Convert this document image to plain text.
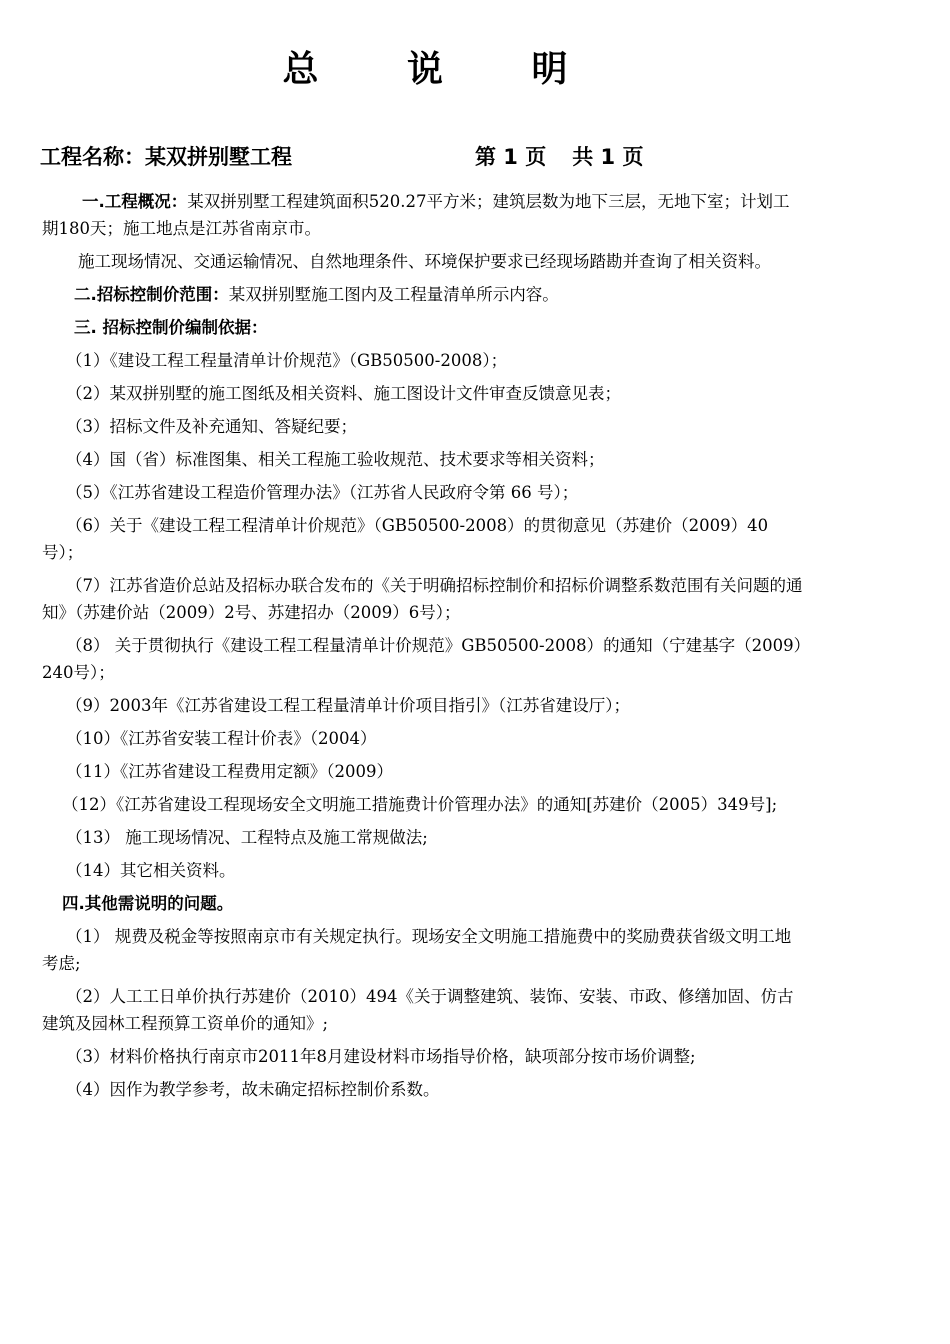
总 说 明
工程名称：某双拼别墅工程	第 1 页 共 1 页

一.工程概况：某双拼别墅工程建筑面积520.27平方米；建筑层数为地下三层，无地下室；计划工期180天；施工地点是江苏省南京市。

施工现场情况、交通运输情况、自然地理条件、环境保护要求已经现场踏勘并查询了相关资料。

二.招标控制价范围：某双拼别墅施工图内及工程量清单所示内容。

三. 招标控制价编制依据：

（1）《建设工程工程量清单计价规范》（GB50500-2008）；

（2）某双拼别墅的施工图纸及相关资料、施工图设计文件审查反馈意见表；

（3）招标文件及补充通知、答疑纪要；

（4）国（省）标准图集、相关工程施工验收规范、技术要求等相关资料；

（5）《江苏省建设工程造价管理办法》（江苏省人民政府令第 66 号）；

（6）关于《建设工程工程清单计价规范》（GB50500-2008）的贯彻意见（苏建价（2009）40号）；

（7）江苏省造价总站及招标办联合发布的《关于明确招标控制价和招标价调整系数范围有关问题的通知》（苏建价站（2009）2号、苏建招办（2009）6号）；

（8） 关于贯彻执行《建设工程工程量清单计价规范》GB50500-2008）的通知（宁建基字（2009）240号）；

（9）2003年《江苏省建设工程工程量清单计价项目指引》（江苏省建设厅）；

（10）《江苏省安装工程计价表》（2004）

（11）《江苏省建设工程费用定额》（2009）

（12）《江苏省建设工程现场安全文明施工措施费计价管理办法》的通知[苏建价（2005）349号];

（13） 施工现场情况、工程特点及施工常规做法;

（14）其它相关资料。

四.其他需说明的问题。

（1） 规费及税金等按照南京市有关规定执行。现场安全文明施工措施费中的奖励费获省级文明工地考虑;

（2）人工工日单价执行苏建价（2010）494《关于调整建筑、装饰、安装、市政、修缮加固、仿古建筑及园林工程预算工资单价的通知》;

（3）材料价格执行南京市2011年8月建设材料市场指导价格，缺项部分按市场价调整;

（4）因作为教学参考，故未确定招标控制价系数。
